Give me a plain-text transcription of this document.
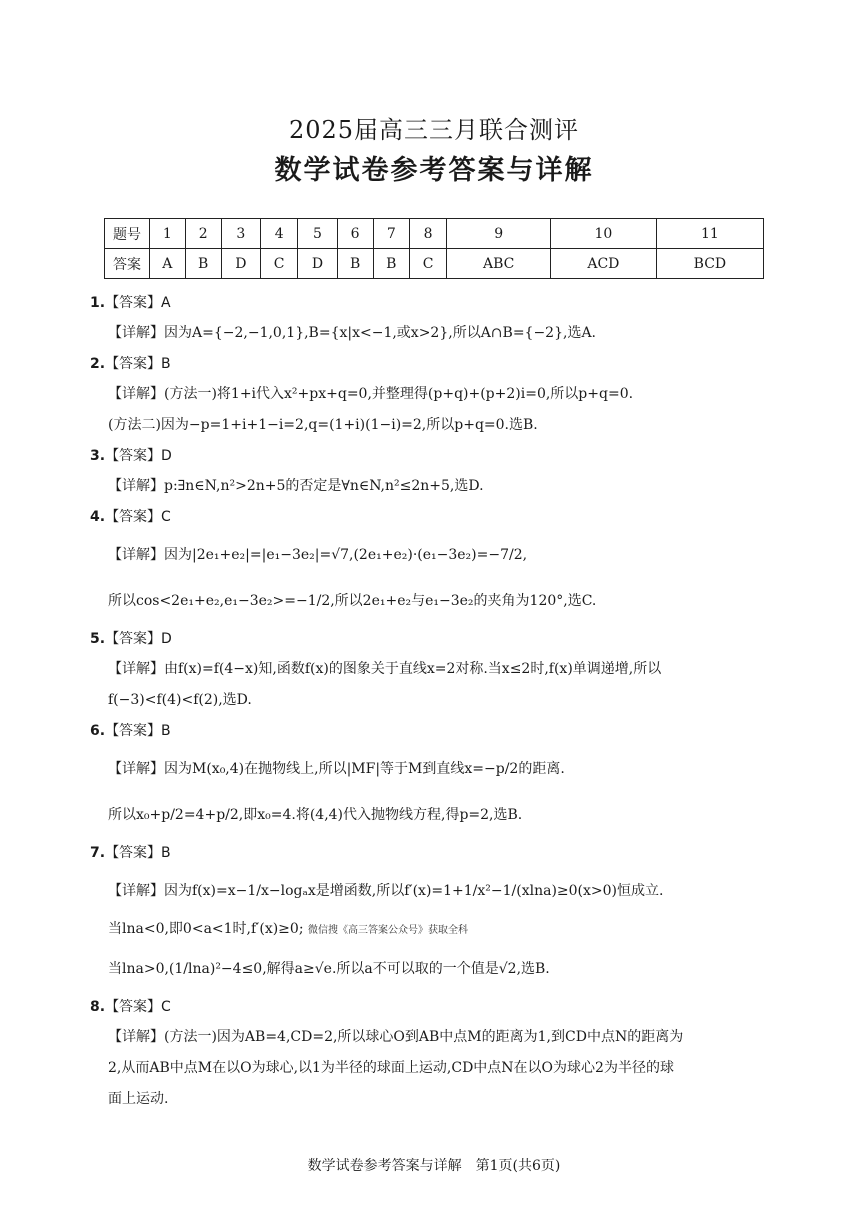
2025届高三三月联合测评
数学试卷参考答案与详解
题号	1	2	3	4	5	6	7	8	9	10	11
答案	A	B	D	C	D	B	B	C	ABC	ACD	BCD
1.【答案】A
【详解】因为A={−2,−1,0,1},B={x|x<−1,或x>2},所以A∩B={−2},选A.
2.【答案】B
【详解】(方法一)将1+i代入x²+px+q=0,并整理得(p+q)+(p+2)i=0,所以p+q=0.
(方法二)因为−p=1+i+1−i=2,q=(1+i)(1−i)=2,所以p+q=0.选B.
3.【答案】D
【详解】p:∃n∈N,n²>2n+5的否定是∀n∈N,n²≤2n+5,选D.
4.【答案】C
【详解】因为|2e₁+e₂|=|e₁−3e₂|=√7,(2e₁+e₂)·(e₁−3e₂)=−7/2,
所以cos<2e₁+e₂,e₁−3e₂>=−1/2,所以2e₁+e₂与e₁−3e₂的夹角为120°,选C.
5.【答案】D
【详解】由f(x)=f(4−x)知,函数f(x)的图象关于直线x=2对称.当x≤2时,f(x)单调递增,所以
f(−3)<f(4)<f(2),选D.
6.【答案】B
【详解】因为M(x₀,4)在抛物线上,所以|MF|等于M到直线x=−p/2的距离.
所以x₀+p/2=4+p/2,即x₀=4.将(4,4)代入抛物线方程,得p=2,选B.
7.【答案】B
【详解】因为f(x)=x−1/x−logₐx是增函数,所以f′(x)=1+1/x²−1/(xlna)≥0(x>0)恒成立.
当lna<0,即0<a<1时,f′(x)≥0; 微信搜《高三答案公众号》获取全科
当lna>0,(1/lna)²−4≤0,解得a≥√e.所以a不可以取的一个值是√2,选B.
8.【答案】C
【详解】(方法一)因为AB=4,CD=2,所以球心O到AB中点M的距离为1,到CD中点N的距离为
2,从而AB中点M在以O为球心,以1为半径的球面上运动,CD中点N在以O为球心2为半径的球
面上运动.
数学试卷参考答案与详解　第1页(共6页)
